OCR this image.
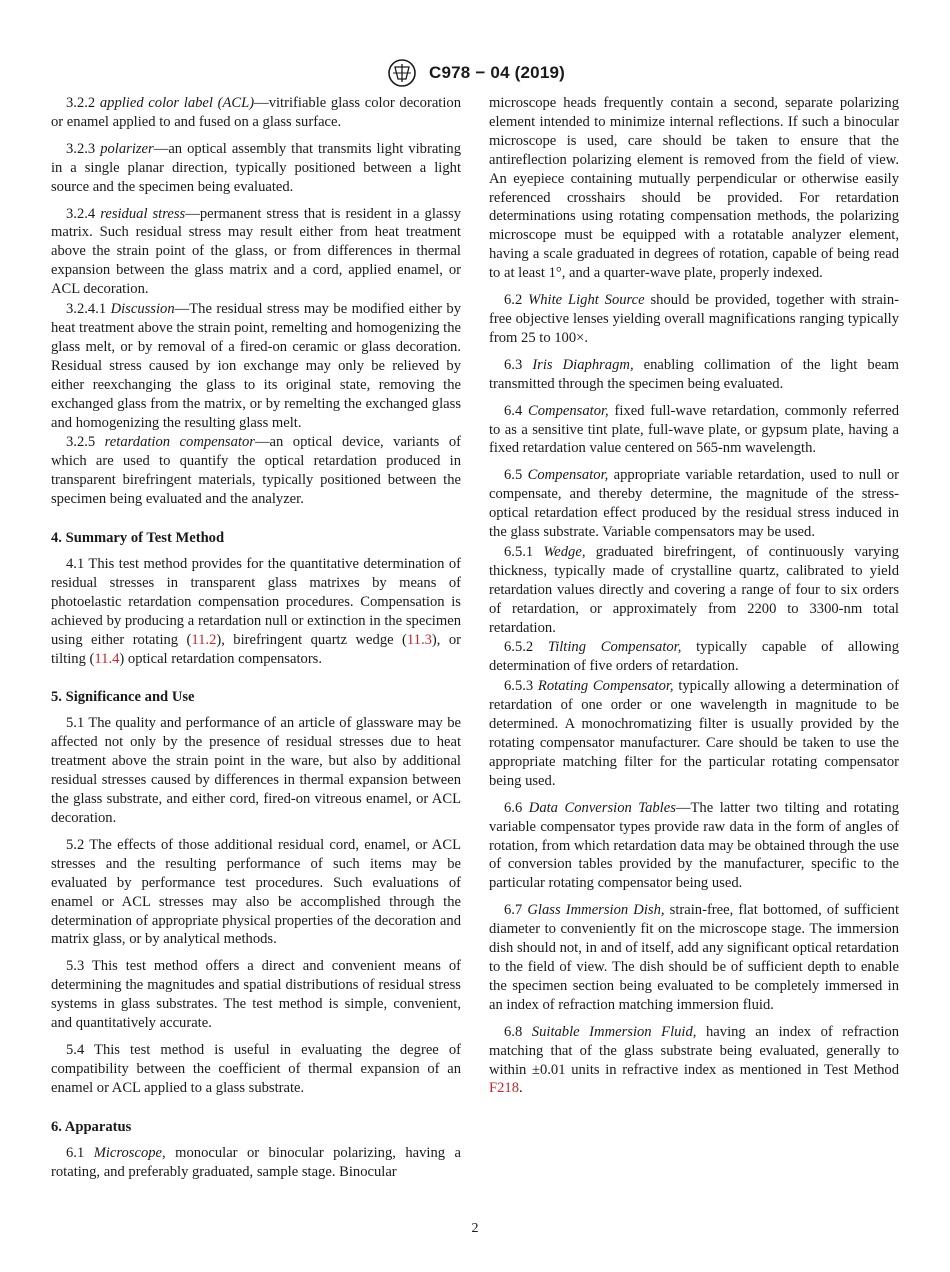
C978 − 04 (2019)

3.2.2 applied color label (ACL)—vitrifiable glass color decoration or enamel applied to and fused on a glass surface.

3.2.3 polarizer—an optical assembly that transmits light vibrating in a single planar direction, typically positioned between a light source and the specimen being evaluated.

3.2.4 residual stress—permanent stress that is resident in a glassy matrix. Such residual stress may result either from heat treatment above the strain point of the glass, or from differences in thermal expansion between the glass matrix and a cord, applied enamel, or ACL decoration.

3.2.4.1 Discussion—The residual stress may be modified either by heat treatment above the strain point, remelting and homogenizing the glass melt, or by removal of a fired-on ceramic or glass decoration. Residual stress caused by ion exchange may only be relieved by either reexchanging the glass to its original state, removing the exchanged glass from the matrix, or by remelting the exchanged glass and homogenizing the resulting glass melt.

3.2.5 retardation compensator—an optical device, variants of which are used to quantify the optical retardation produced in transparent birefringent materials, typically positioned between the specimen being evaluated and the analyzer.

4. Summary of Test Method

4.1 This test method provides for the quantitative determination of residual stresses in transparent glass matrixes by means of photoelastic retardation compensation procedures. Compensation is achieved by producing a retardation null or extinction in the specimen using either rotating (11.2), birefringent quartz wedge (11.3), or tilting (11.4) optical retardation compensators.

5. Significance and Use

5.1 The quality and performance of an article of glassware may be affected not only by the presence of residual stresses due to heat treatment above the strain point in the ware, but also by additional residual stresses caused by differences in thermal expansion between the glass substrate, and either cord, fired-on vitreous enamel, or ACL decoration.

5.2 The effects of those additional residual cord, enamel, or ACL stresses and the resulting performance of such items may be evaluated by performance test procedures. Such evaluations of enamel or ACL stresses may also be accomplished through the determination of appropriate physical properties of the decoration and matrix glass, or by analytical methods.

5.3 This test method offers a direct and convenient means of determining the magnitudes and spatial distributions of residual stress systems in glass substrates. The test method is simple, convenient, and quantitatively accurate.

5.4 This test method is useful in evaluating the degree of compatibility between the coefficient of thermal expansion of an enamel or ACL applied to a glass substrate.

6. Apparatus

6.1 Microscope, monocular or binocular polarizing, having a rotating, and preferably graduated, sample stage. Binocular

microscope heads frequently contain a second, separate polarizing element intended to minimize internal reflections. If such a binocular microscope is used, care should be taken to ensure that the antireflection polarizing element is removed from the field of view. An eyepiece containing mutually perpendicular or otherwise easily referenced crosshairs should be provided. For retardation determinations using rotating compensation methods, the polarizing microscope must be equipped with a rotatable analyzer element, having a scale graduated in degrees of rotation, capable of being read to at least 1°, and a quarter-wave plate, properly indexed.

6.2 White Light Source should be provided, together with strain-free objective lenses yielding overall magnifications ranging typically from 25 to 100×.

6.3 Iris Diaphragm, enabling collimation of the light beam transmitted through the specimen being evaluated.

6.4 Compensator, fixed full-wave retardation, commonly referred to as a sensitive tint plate, full-wave plate, or gypsum plate, having a fixed retardation value centered on 565-nm wavelength.

6.5 Compensator, appropriate variable retardation, used to null or compensate, and thereby determine, the magnitude of the stress-optical retardation effect produced by the residual stress induced in the glass substrate. Variable compensators may be used.

6.5.1 Wedge, graduated birefringent, of continuously varying thickness, typically made of crystalline quartz, calibrated to yield retardation values directly and covering a range of four to six orders of retardation, or approximately from 2200 to 3300-nm total retardation.

6.5.2 Tilting Compensator, typically capable of allowing determination of five orders of retardation.

6.5.3 Rotating Compensator, typically allowing a determination of retardation of one order or one wavelength in magnitude to be determined. A monochromatizing filter is usually provided by the rotating compensator manufacturer. Care should be taken to use the appropriate matching filter for the particular rotating compensator being used.

6.6 Data Conversion Tables—The latter two tilting and rotating variable compensator types provide raw data in the form of angles of rotation, from which retardation data may be obtained through the use of conversion tables provided by the manufacturer, specific to the particular rotating compensator being used.

6.7 Glass Immersion Dish, strain-free, flat bottomed, of sufficient diameter to conveniently fit on the microscope stage. The immersion dish should not, in and of itself, add any significant optical retardation to the field of view. The dish should be of sufficient depth to enable the specimen section being evaluated to be completely immersed in an index of refraction matching immersion fluid.

6.8 Suitable Immersion Fluid, having an index of refraction matching that of the glass substrate being evaluated, generally to within ±0.01 units in refractive index as mentioned in Test Method F218.

2
